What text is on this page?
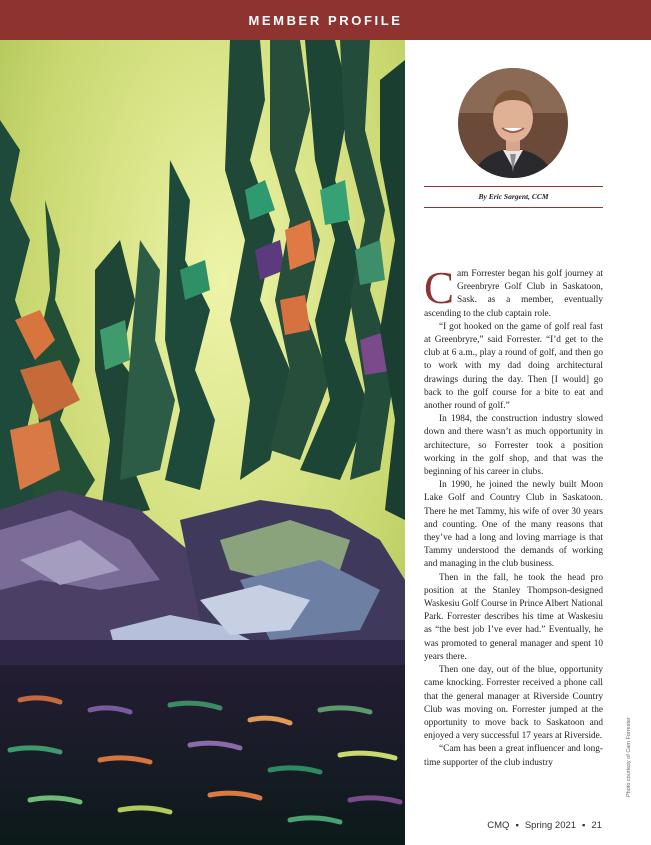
MEMBER PROFILE
By Eric Sargent, CCM

Cam Forrester began his golf journey at Greenbryre Golf Club in Saskatoon, Sask. as a member, eventually ascending to the club captain role.

“I got hooked on the game of golf real fast at Greenbryre,” said Forrester. “I’d get to the club at 6 a.m., play a round of golf, and then go to work with my dad doing architectural drawings during the day. Then [I would] go back to the golf course for a bite to eat and another round of golf.”

In 1984, the construction industry slowed down and there wasn’t as much opportunity in architecture, so Forrester took a position working in the golf shop, and that was the beginning of his career in clubs.

In 1990, he joined the newly built Moon Lake Golf and Country Club in Saskatoon. There he met Tammy, his wife of over 30 years and counting. One of the many reasons that they’ve had a long and loving marriage is that Tammy understood the demands of working and managing in the club business.

Then in the fall, he took the head pro position at the Stanley Thompson-designed Waskesiu Golf Course in Prince Albert National Park. Forrester describes his time at Waskesiu as “the best job I’ve ever had.” Eventually, he was promoted to general manager and spent 10 years there.

Then one day, out of the blue, opportunity came knocking. Forrester received a phone call that the general manager at Riverside Country Club was moving on. Forrester jumped at the opportunity to move back to Saskatoon and enjoyed a very successful 17 years at Riverside.

“Cam has been a great influencer and long-time supporter of the club industry

CMQ ▪ Spring 2021 ▪ 21
Photo courtesy of Cam Forrester
